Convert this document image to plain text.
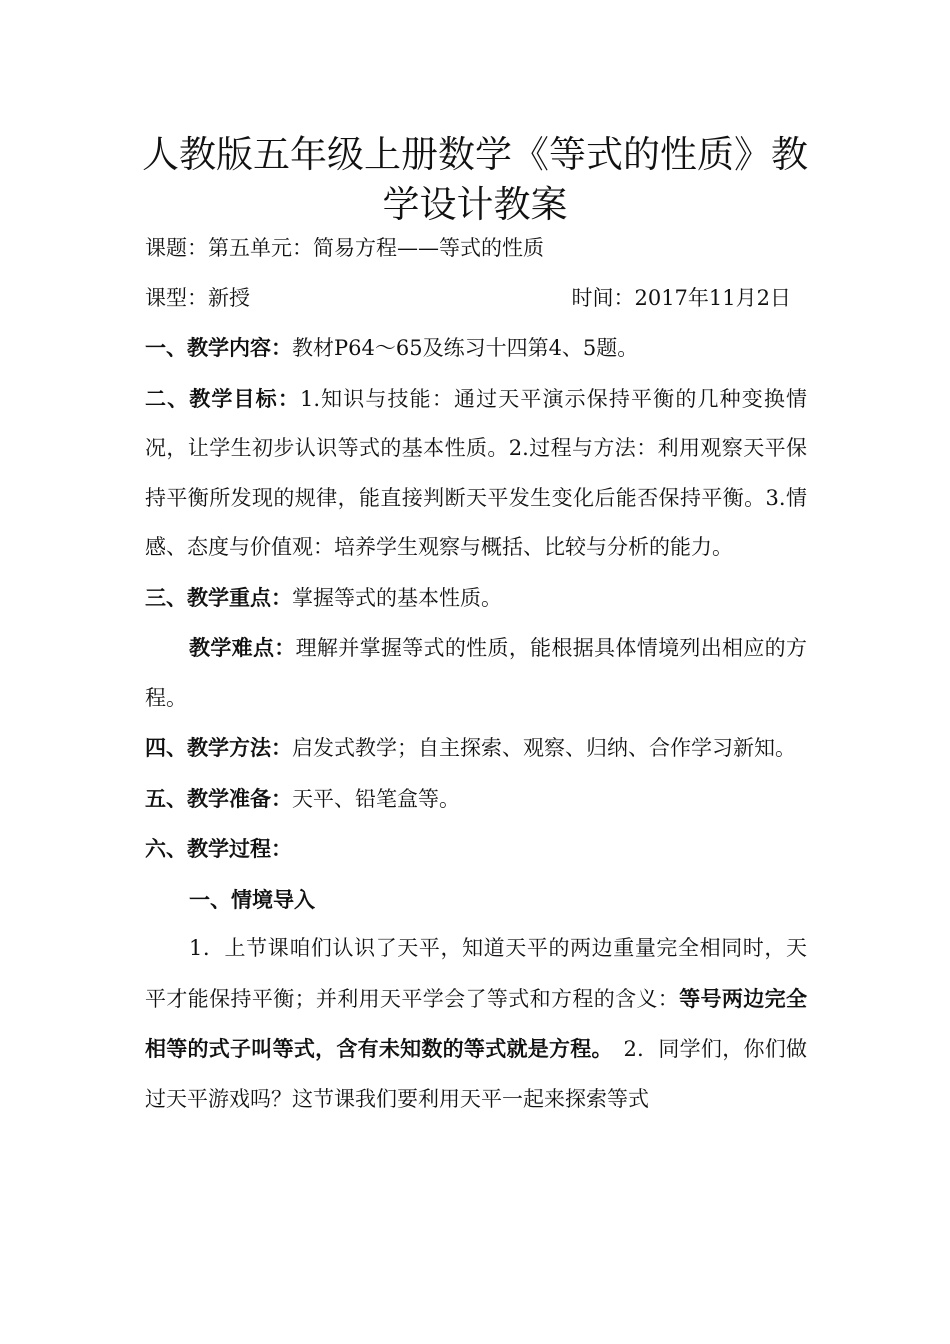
人教版五年级上册数学《等式的性质》教
学设计教案

课题：第五单元：简易方程——等式的性质

课型：新授	时间：2017年11月2日

一、教学内容：教材P64～65及练习十四第4、5题。

二、教学目标：1.知识与技能：通过天平演示保持平衡的几种变换情况，让学生初步认识等式的基本性质。2.过程与方法：利用观察天平保持平衡所发现的规律，能直接判断天平发生变化后能否保持平衡。3.情感、态度与价值观：培养学生观察与概括、比较与分析的能力。

三、教学重点：掌握等式的基本性质。

教学难点：理解并掌握等式的性质，能根据具体情境列出相应的方程。

四、教学方法：启发式教学；自主探索、观察、归纳、合作学习新知。

五、教学准备：天平、铅笔盒等。

六、教学过程：

一、情境导入

1．上节课咱们认识了天平，知道天平的两边重量完全相同时，天平才能保持平衡；并利用天平学会了等式和方程的含义：等号两边完全相等的式子叫等式，含有未知数的等式就是方程。　2．同学们，你们做过天平游戏吗？这节课我们要利用天平一起来探索等式
